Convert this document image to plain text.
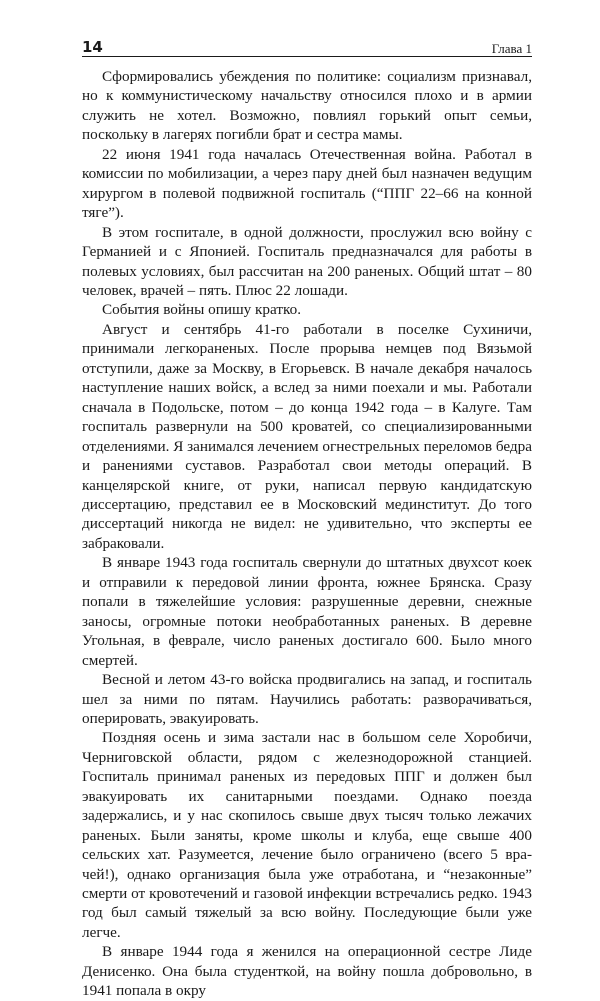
14	Глава 1

Сформировались убеждения по политике: социализм признавал, но к коммунистическому начальству относился плохо и в армии служить не хотел. Возможно, повлиял горький опыт семьи, поскольку в лагерях погибли брат и сестра мамы.

22 июня 1941 года началась Отечественная война. Работал в комиссии по мобилизации, а через пару дней был назначен ведущим хирургом в полевой подвижной госпиталь (“ППГ 22–66 на конной тяге”).

В этом госпитале, в одной должности, прослужил всю войну с Германией и с Японией. Госпиталь предназначался для работы в полевых условиях, был рассчитан на 200 раненых. Общий штат – 80 человек, врачей – пять. Плюс 22 лошади.

События войны опишу кратко.

Август и сентябрь 41-го работали в поселке Сухиничи, принимали легкораненых. После прорыва немцев под Вязьмой отступили, даже за Москву, в Егорьевск. В начале декабря началось наступление наших войск, а вслед за ними поехали и мы. Работали сначала в Подольске, потом – до конца 1942 года – в Калуге. Там госпиталь развернули на 500 кроватей, со специализированными отделениями. Я занимался лечением огнестрельных переломов бедра и ранениями суставов. Разработал свои методы операций. В канцелярской книге, от руки, написал первую кандидатскую диссертацию, представил ее в Московский мединститут. До того диссертаций никогда не видел: не удивительно, что эксперты ее забраковали.

В январе 1943 года госпиталь свернули до штатных двухсот коек и отправили к передовой линии фронта, южнее Брянска. Сразу попали в тяжелейшие условия: разрушенные деревни, снежные заносы, огромные потоки необработанных раненых. В деревне Угольная, в феврале, число раненых достигало 600. Было много смертей.

Весной и летом 43-го войска продвигались на запад, и госпиталь шел за ними по пятам. Научились работать: разворачиваться, оперировать, эвакуировать.

Поздняя осень и зима застали нас в большом селе Хоробичи, Черниговской области, рядом с железнодорожной станцией. Госпиталь принимал раненых из передовых ППГ и должен был эвакуировать их санитарными поездами. Однако поезда задержались, и у нас скопилось свыше двух тысяч только лежачих раненых. Были заняты, кроме школы и клуба, еще свыше 400 сельских хат. Разумеется, лечение было ограничено (всего 5 врачей!), однако организация была уже отработана, и “незаконные” смерти от кровотечений и газовой инфекции встречались редко. 1943 год был самый тяжелый за всю войну. Последующие были уже легче.

В январе 1944 года я женился на операционной сестре Лиде Денисенко. Она была студенткой, на войну пошла добровольно, в 1941 попала в окру
